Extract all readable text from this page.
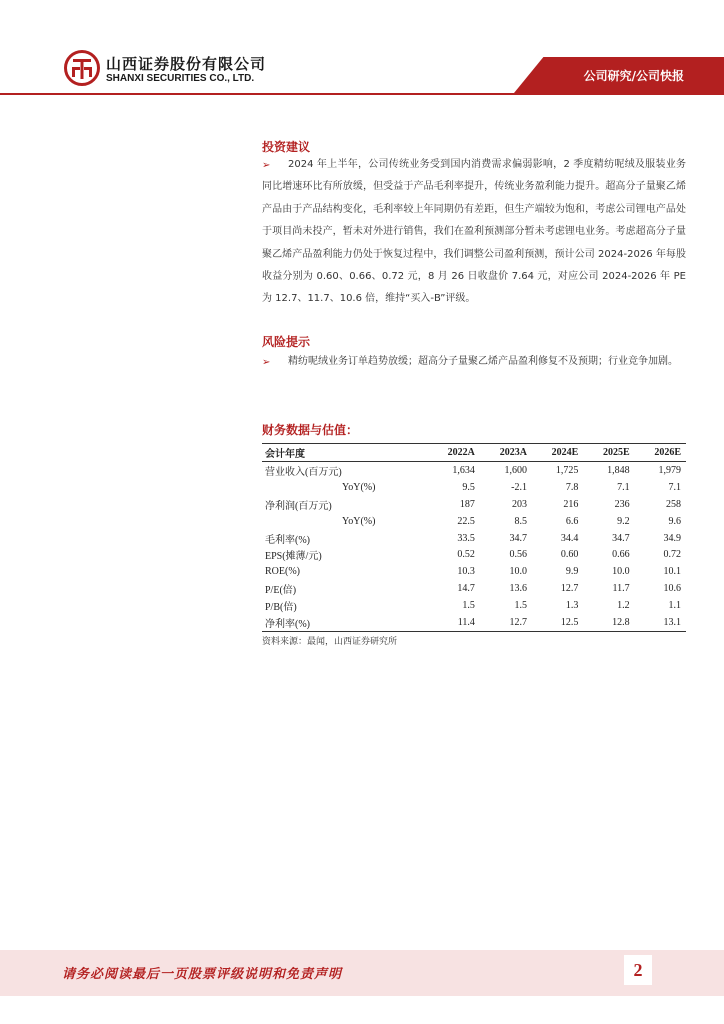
山西证券股份有限公司
SHANXI SECURITIES CO., LTD.	公司研究/公司快报
投资建议
➢	2024 年上半年，公司传统业务受到国内消费需求偏弱影响，2 季度精纺呢绒及服装业务同比增速环比有所放缓，但受益于产品毛利率提升，传统业务盈利能力提升。超高分子量聚乙烯产品由于产品结构变化，毛利率较上年同期仍有差距，但生产端较为饱和，考虑公司锂电产品处于项目尚未投产，暂未对外进行销售，我们在盈利预测部分暂未考虑锂电业务。考虑超高分子量聚乙烯产品盈利能力仍处于恢复过程中，我们调整公司盈利预测，预计公司 2024-2026 年每股收益分别为 0.60、0.66、0.72 元，8 月 26 日收盘价 7.64 元，对应公司 2024-2026 年 PE 为 12.7、11.7、10.6 倍，维持“买入-B”评级。
风险提示
➢	精纺呢绒业务订单趋势放缓；超高分子量聚乙烯产品盈利修复不及预期；行业竞争加剧。
财务数据与估值：
会计年度	2022A	2023A	2024E	2025E	2026E
营业收入(百万元)	1,634	1,600	1,725	1,848	1,979
YoY(%)	9.5	-2.1	7.8	7.1	7.1
净利润(百万元)	187	203	216	236	258
YoY(%)	22.5	8.5	6.6	9.2	9.6
毛利率(%)	33.5	34.7	34.4	34.7	34.9
EPS(摊薄/元)	0.52	0.56	0.60	0.66	0.72
ROE(%)	10.3	10.0	9.9	10.0	10.1
P/E(倍)	14.7	13.6	12.7	11.7	10.6
P/B(倍)	1.5	1.5	1.3	1.2	1.1
净利率(%)	11.4	12.7	12.5	12.8	13.1
资料来源：最闻，山西证券研究所
请务必阅读最后一页股票评级说明和免责声明	2
